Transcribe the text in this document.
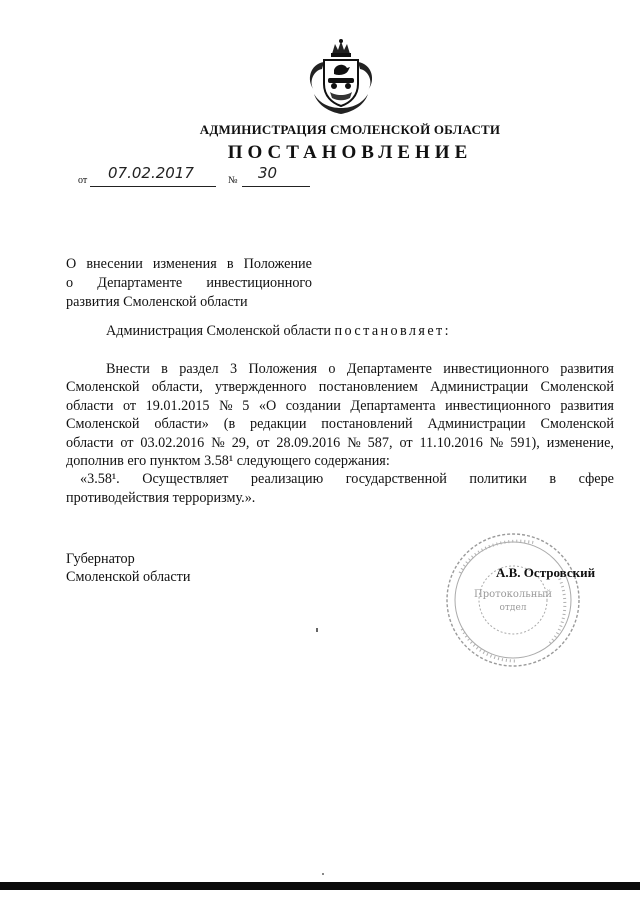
АДМИНИСТРАЦИЯ СМОЛЕНСКОЙ ОБЛАСТИ
ПОСТАНОВЛЕНИЕ
от 07.02.2017	№ 30
О внесении изменения в Положение
о Департаменте инвестиционного
развития Смоленской области
Администрация Смоленской области постановляет:
Внести в раздел 3 Положения о Департаменте инвестиционного развития
Смоленской области, утвержденного постановлением Администрации Смоленской
области от 19.01.2015 № 5 «О создании Департамента инвестиционного развития
Смоленской области» (в редакции постановлений Администрации Смоленской
области от 03.02.2016 № 29, от 28.09.2016 № 587, от 11.10.2016 № 591), изменение,
дополнив его пунктом 3.58¹ следующего содержания:
«3.58¹. Осуществляет реализацию государственной политики в сфере
противодействия терроризму.».
Губернатор
Смоленской области
Протокольный
отдел
А.В. Островский
